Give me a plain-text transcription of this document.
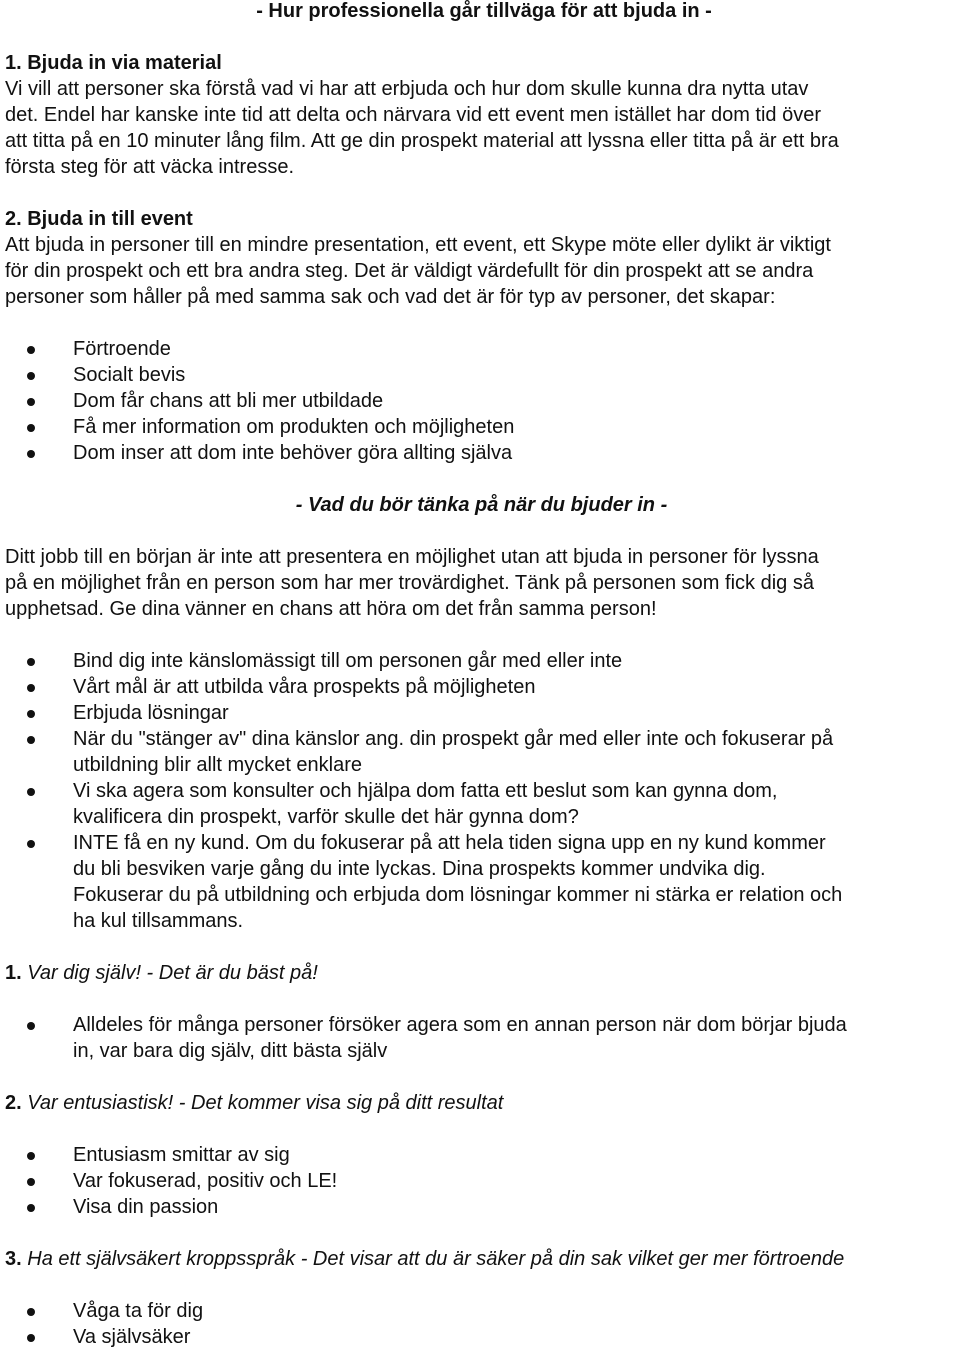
- Hur professionella går tillväga för att bjuda in -

1. Bjuda in via material

Vi vill att personer ska förstå vad vi har att erbjuda och hur dom skulle kunna dra nytta utav

det. Endel har kanske inte tid att delta och närvara vid ett event men istället har dom tid över

att titta på en 10 minuter lång film. Att ge din prospekt material att lyssna eller titta på är ett bra

första steg för att väcka intresse.

2. Bjuda in till event

Att bjuda in personer till en mindre presentation, ett event, ett Skype möte eller dylikt är viktigt

för din prospekt och ett bra andra steg. Det är väldigt värdefullt för din prospekt att se andra

personer som håller på med samma sak och vad det är för typ av personer, det skapar:

Förtroende
Socialt bevis
Dom får chans att bli mer utbildade
Få mer information om produkten och möjligheten
Dom inser att dom inte behöver göra allting själva

- Vad du bör tänka på när du bjuder in -

Ditt jobb till en början är inte att presentera en möjlighet utan att bjuda in personer för lyssna

på en möjlighet från en person som har mer trovärdighet. Tänk på personen som fick dig så

upphetsad. Ge dina vänner en chans att höra om det från samma person!

Bind dig inte känslomässigt till om personen går med eller inte
Vårt mål är att utbilda våra prospekts på möjligheten
Erbjuda lösningar
När du "stänger av" dina känslor ang. din prospekt går med eller inte och fokuserar på
utbildning blir allt mycket enklare
Vi ska agera som konsulter och hjälpa dom fatta ett beslut som kan gynna dom,
kvalificera din prospekt, varför skulle det här gynna dom?
INTE få en ny kund. Om du fokuserar på att hela tiden signa upp en ny kund kommer
du bli besviken varje gång du inte lyckas. Dina prospekts kommer undvika dig.
Fokuserar du på utbildning och erbjuda dom lösningar kommer ni stärka er relation och
ha kul tillsammans.

1. Var dig själv! - Det är du bäst på!

Alldeles för många personer försöker agera som en annan person när dom börjar bjuda
in, var bara dig själv, ditt bästa själv

2. Var entusiastisk! - Det kommer visa sig på ditt resultat

Entusiasm smittar av sig
Var fokuserad, positiv och LE!
Visa din passion

3. Ha ett självsäkert kroppsspråk - Det visar att du är säker på din sak vilket ger mer förtroende

Våga ta för dig
Va självsäker
